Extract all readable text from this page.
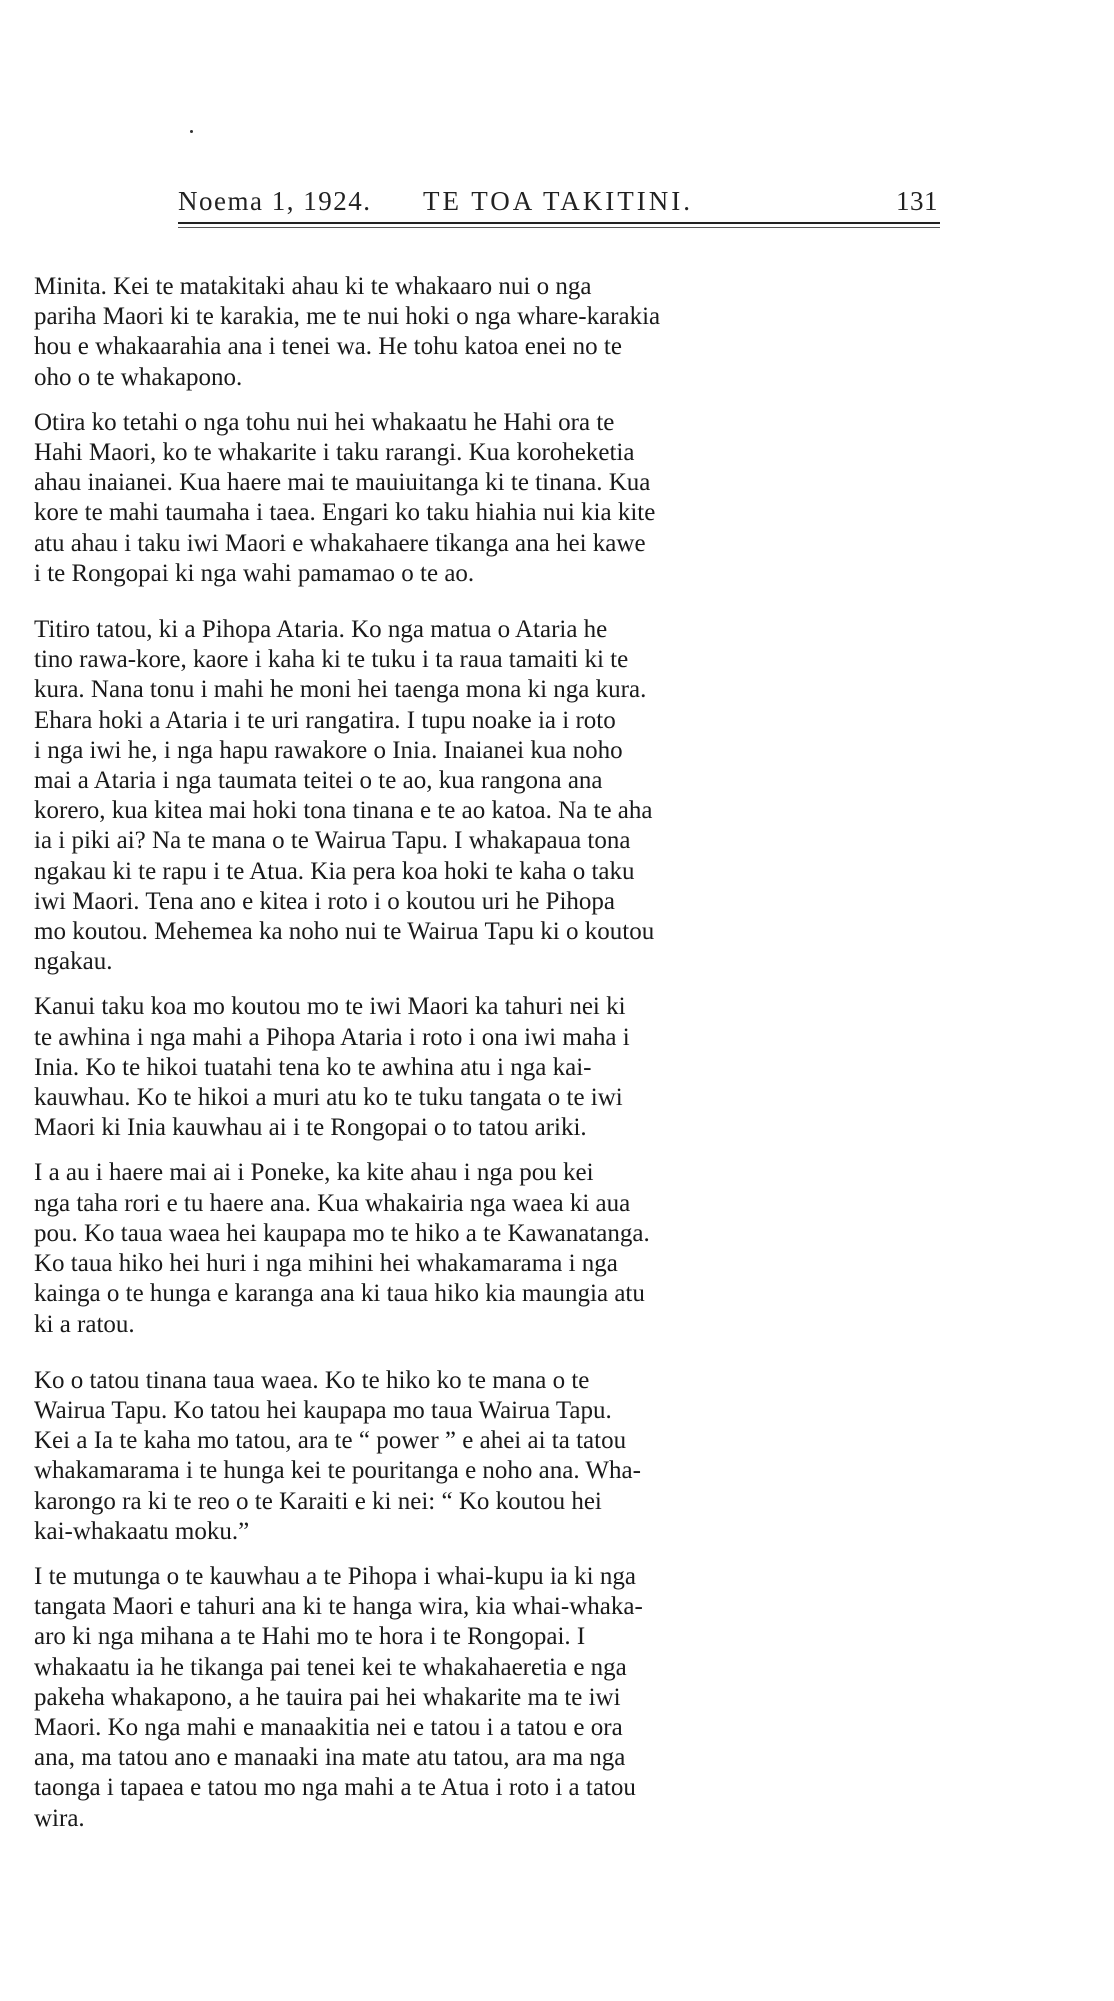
Noema 1, 1924.	TE TOA TAKITINI.	131
Minita. Kei te matakitaki ahau ki te whakaaro nui o nga
pariha Maori ki te karakia, me te nui hoki o nga whare-karakia
hou e whakaarahia ana i tenei wa. He tohu katoa enei no te
oho o te whakapono.
Otira ko tetahi o nga tohu nui hei whakaatu he Hahi ora te
Hahi Maori, ko te whakarite i taku rarangi. Kua koroheketia
ahau inaianei. Kua haere mai te mauiuitanga ki te tinana. Kua
kore te mahi taumaha i taea. Engari ko taku hiahia nui kia kite
atu ahau i taku iwi Maori e whakahaere tikanga ana hei kawe
i te Rongopai ki nga wahi pamamao o te ao.
Titiro tatou, ki a Pihopa Ataria. Ko nga matua o Ataria he
tino rawa-kore, kaore i kaha ki te tuku i ta raua tamaiti ki te
kura. Nana tonu i mahi he moni hei taenga mona ki nga kura.
Ehara hoki a Ataria i te uri rangatira. I tupu noake ia i roto
i nga iwi he, i nga hapu rawakore o Inia. Inaianei kua noho
mai a Ataria i nga taumata teitei o te ao, kua rangona ana
korero, kua kitea mai hoki tona tinana e te ao katoa. Na te aha
ia i piki ai? Na te mana o te Wairua Tapu. I whakapaua tona
ngakau ki te rapu i te Atua. Kia pera koa hoki te kaha o taku
iwi Maori. Tena ano e kitea i roto i o koutou uri he Pihopa
mo koutou. Mehemea ka noho nui te Wairua Tapu ki o koutou
ngakau.
Kanui taku koa mo koutou mo te iwi Maori ka tahuri nei ki
te awhina i nga mahi a Pihopa Ataria i roto i ona iwi maha i
Inia. Ko te hikoi tuatahi tena ko te awhina atu i nga kai-
kauwhau. Ko te hikoi a muri atu ko te tuku tangata o te iwi
Maori ki Inia kauwhau ai i te Rongopai o to tatou ariki.
I a au i haere mai ai i Poneke, ka kite ahau i nga pou kei
nga taha rori e tu haere ana. Kua whakairia nga waea ki aua
pou. Ko taua waea hei kaupapa mo te hiko a te Kawanatanga.
Ko taua hiko hei huri i nga mihini hei whakamarama i nga
kainga o te hunga e karanga ana ki taua hiko kia maungia atu
ki a ratou.
Ko o tatou tinana taua waea. Ko te hiko ko te mana o te
Wairua Tapu. Ko tatou hei kaupapa mo taua Wairua Tapu.
Kei a Ia te kaha mo tatou, ara te “ power ” e ahei ai ta tatou
whakamarama i te hunga kei te pouritanga e noho ana. Wha-
karongo ra ki te reo o te Karaiti e ki nei: “ Ko koutou hei
kai-whakaatu moku.”
I te mutunga o te kauwhau a te Pihopa i whai-kupu ia ki nga
tangata Maori e tahuri ana ki te hanga wira, kia whai-whaka-
aro ki nga mihana a te Hahi mo te hora i te Rongopai. I
whakaatu ia he tikanga pai tenei kei te whakahaeretia e nga
pakeha whakapono, a he tauira pai hei whakarite ma te iwi
Maori. Ko nga mahi e manaakitia nei e tatou i a tatou e ora
ana, ma tatou ano e manaaki ina mate atu tatou, ara ma nga
taonga i tapaea e tatou mo nga mahi a te Atua i roto i a tatou
wira.
